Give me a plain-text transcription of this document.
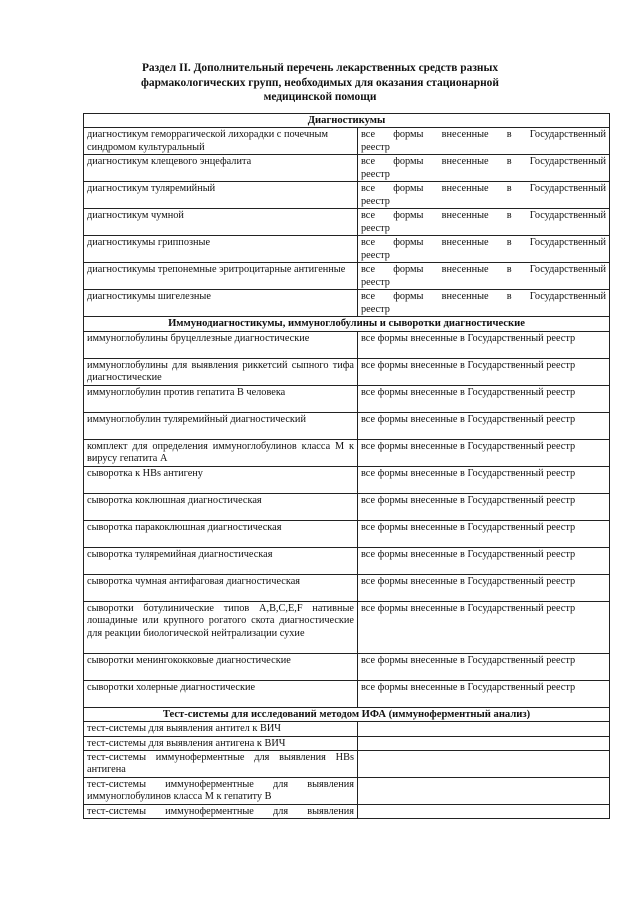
Раздел II. Дополнительный перечень лекарственных средств разных
фармакологических групп, необходимых для оказания стационарной
медицинской помощи
Диагностикумы	
диагностикум геморрагической лихорадки с почечным синдромом культуральный	все формы внесенные в Государственный
реестр
диагностикум клещевого энцефалита	все формы внесенные в Государственный
реестр
диагностикум туляремийный	все формы внесенные в Государственный
реестр
диагностикум чумной	все формы внесенные в Государственный
реестр
диагностикумы гриппозные	все формы внесенные в Государственный
реестр
диагностикумы трепонемные эритроцитарные антигенные	все формы внесенные в Государственный
реестр
диагностикумы шигелезные	все формы внесенные в Государственный
реестр
Иммунодиагностикумы, иммуноглобулины и сыворотки диагностические	
иммуноглобулины бруцеллезные диагностические	все формы внесенные в Государственный реестр
иммуноглобулины для выявления риккетсий сыпного тифа диагностические	все формы внесенные в Государственный реестр
иммуноглобулин против гепатита В человека	все формы внесенные в Государственный реестр
иммуноглобулин туляремийный диагностический	все формы внесенные в Государственный реестр
комплект для определения иммуноглобулинов класса М к вирусу гепатита А	все формы внесенные в Государственный реестр
сыворотка к HBs антигену	все формы внесенные в Государственный реестр
сыворотка коклюшная диагностическая	все формы внесенные в Государственный реестр
сыворотка паракоклюшная диагностическая	все формы внесенные в Государственный реестр
сыворотка туляремийная диагностическая	все формы внесенные в Государственный реестр
сыворотка чумная антифаговая диагностическая	все формы внесенные в Государственный реестр
сыворотки ботулинические типов A,B,C,E,F нативные лошадиные или крупного рогатого скота диагностические для реакции биологической нейтрализации сухие	все формы внесенные в Государственный реестр
сыворотки менингококковые диагностические	все формы внесенные в Государственный реестр
сыворотки холерные диагностические	все формы внесенные в Государственный реестр
Тест-системы для исследований методом ИФА (иммуноферментный анализ)	
тест-системы для выявления антител к ВИЧ	
тест-системы для выявления антигена к ВИЧ	
тест-системы иммуноферментные для выявления HBs антигена	
тест-системы иммуноферментные для выявления иммуноглобулинов класса М к гепатиту В	

тест-системы иммуноферментные для выявления	
